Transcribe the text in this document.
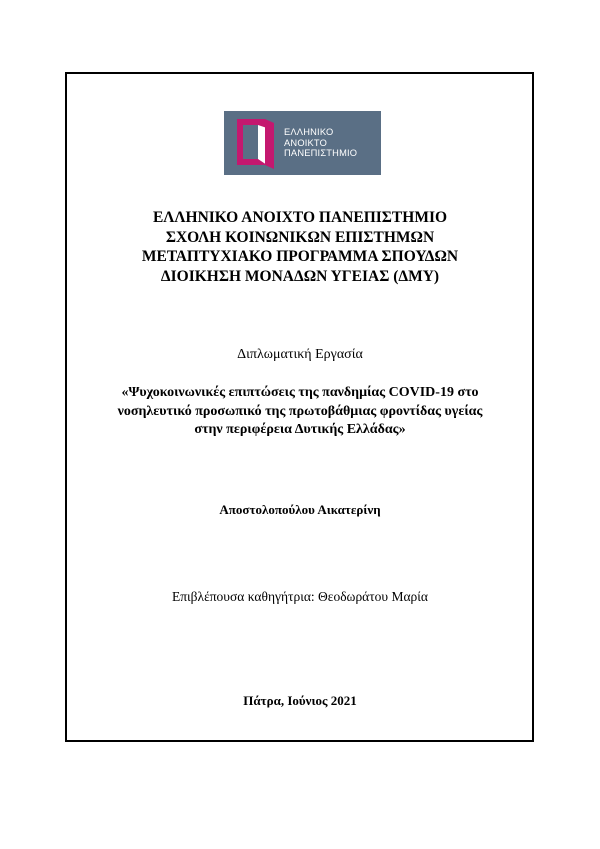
ΕΛΛΗΝΙΚΟ
ΑΝΟΙΚΤΟ
ΠΑΝΕΠΙΣΤΗΜΙΟ
ΕΛΛΗΝΙΚΟ ΑΝΟΙΧΤΟ ΠΑΝΕΠΙΣΤΗΜΙΟ
ΣΧΟΛΗ ΚΟΙΝΩΝΙΚΩΝ ΕΠΙΣΤΗΜΩΝ
ΜΕΤΑΠΤΥΧΙΑΚΟ ΠΡΟΓΡΑΜΜΑ ΣΠΟΥΔΩΝ
ΔΙΟΙΚΗΣΗ ΜΟΝΑΔΩΝ ΥΓΕΙΑΣ (ΔΜΥ)
Διπλωματική Εργασία
«Ψυχοκοινωνικές επιπτώσεις της πανδημίας COVID-19 στο
νοσηλευτικό προσωπικό της πρωτοβάθμιας φροντίδας υγείας
στην περιφέρεια Δυτικής Ελλάδας»
Αποστολοπούλου Αικατερίνη
Επιβλέπουσα καθηγήτρια: Θεοδωράτου Μαρία
Πάτρα, Ιούνιος 2021
